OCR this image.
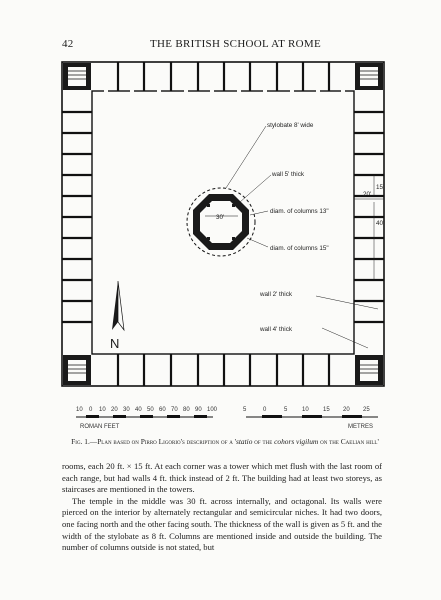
42	THE BRITISH SCHOOL AT ROME
stylobate 8' wide
wall 5' thick
diam. of columns 13"
diam. of columns 15"
wall 2' thick
wall 4' thick
30'
15'
20'
40'
N
10 0 10 20 30 40 50 60 70 80 90 100
ROMAN FEET
5	0	5 10 15 20 25
METRES
Fig. 1.—Plan based on Pirro Ligorio's description of a 'statio of the cohors vigilum on the Caelian hill'

rooms, each 20 ft. × 15 ft. At each corner was a tower which met flush with the last room of each range, but had walls 4 ft. thick instead of 2 ft. The building had at least two storeys, as staircases are mentioned in the towers.

The temple in the middle was 30 ft. across internally, and octagonal. Its walls were pierced on the interior by alternately rectangular and semicircular niches. It had two doors, one facing north and the other facing south. The thickness of the wall is given as 5 ft. and the width of the stylobate as 8 ft. Columns are mentioned inside and outside the building. The number of columns outside is not stated, but
